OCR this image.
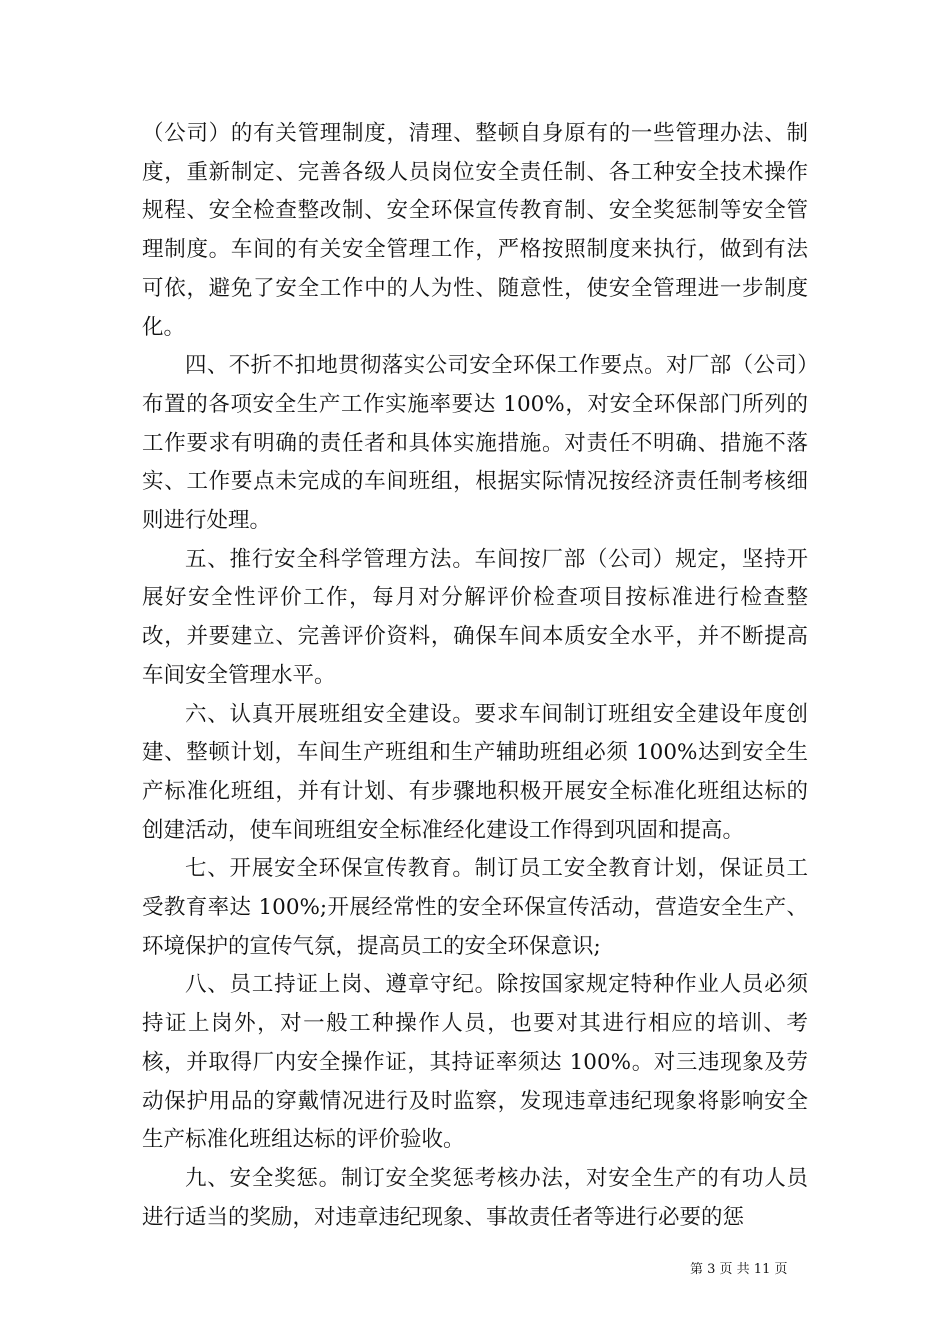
（公司）的有关管理制度，清理、整顿自身原有的一些管理办法、制度，重新制定、完善各级人员岗位安全责任制、各工种安全技术操作规程、安全检查整改制、安全环保宣传教育制、安全奖惩制等安全管理制度。车间的有关安全管理工作，严格按照制度来执行，做到有法可依，避免了安全工作中的人为性、随意性，使安全管理进一步制度化。

四、不折不扣地贯彻落实公司安全环保工作要点。对厂部（公司）布置的各项安全生产工作实施率要达 100%，对安全环保部门所列的工作要求有明确的责任者和具体实施措施。对责任不明确、措施不落实、工作要点未完成的车间班组，根据实际情况按经济责任制考核细则进行处理。

五、推行安全科学管理方法。车间按厂部（公司）规定，坚持开展好安全性评价工作，每月对分解评价检查项目按标准进行检查整改，并要建立、完善评价资料，确保车间本质安全水平，并不断提高车间安全管理水平。

六、认真开展班组安全建设。要求车间制订班组安全建设年度创建、整顿计划，车间生产班组和生产辅助班组必须 100%达到安全生产标准化班组，并有计划、有步骤地积极开展安全标准化班组达标的创建活动，使车间班组安全标准经化建设工作得到巩固和提高。

七、开展安全环保宣传教育。制订员工安全教育计划，保证员工受教育率达 100%;开展经常性的安全环保宣传活动，营造安全生产、环境保护的宣传气氛，提高员工的安全环保意识;

八、员工持证上岗、遵章守纪。除按国家规定特种作业人员必须持证上岗外，对一般工种操作人员，也要对其进行相应的培训、考核，并取得厂内安全操作证，其持证率须达 100%。对三违现象及劳动保护用品的穿戴情况进行及时监察，发现违章违纪现象将影响安全生产标准化班组达标的评价验收。

九、安全奖惩。制订安全奖惩考核办法，对安全生产的有功人员进行适当的奖励，对违章违纪现象、事故责任者等进行必要的惩

第 3 页 共 11 页
